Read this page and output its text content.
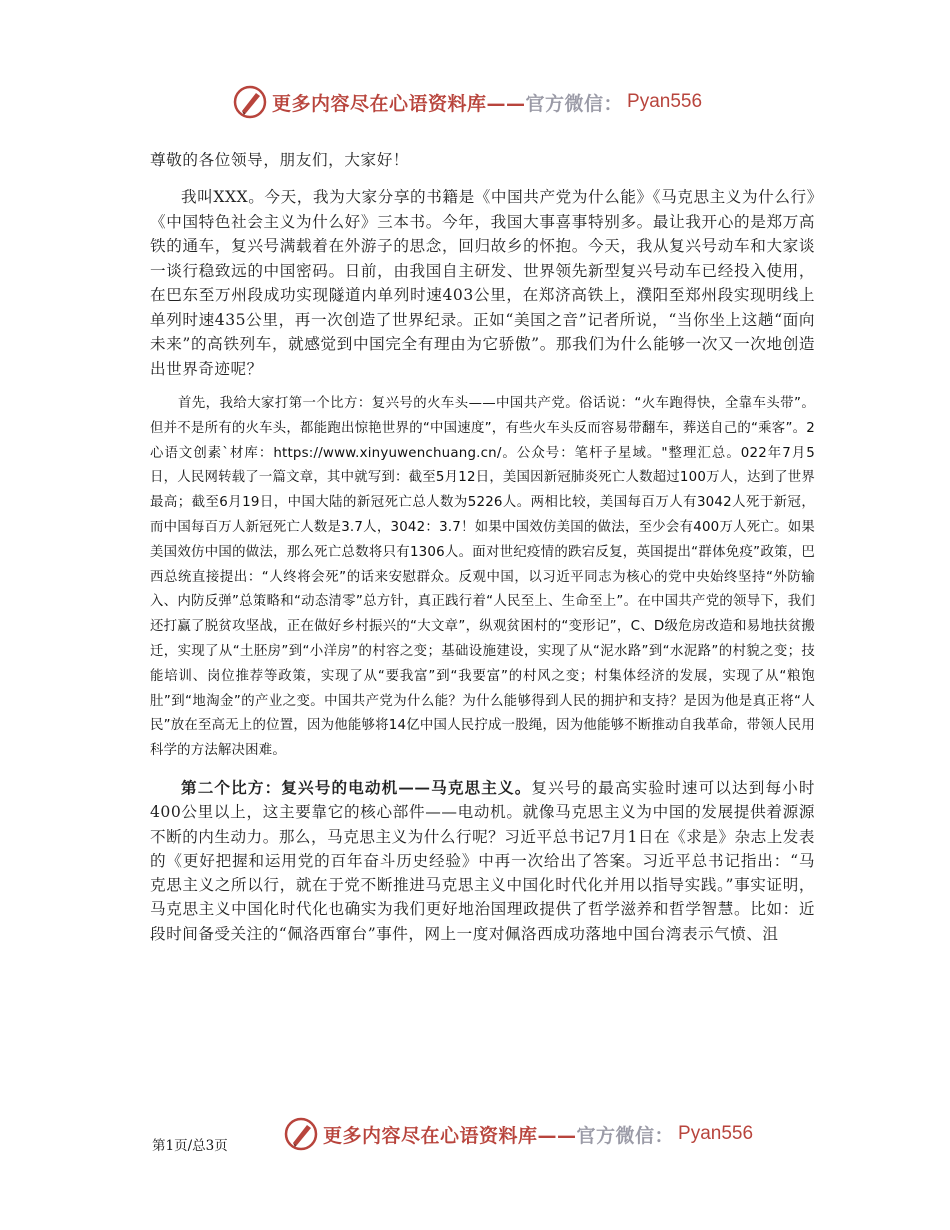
更多内容尽在心语资料库—— 官方微信： Pyan556

尊敬的各位领导，朋友们，大家好！

我叫XXX。今天，我为大家分享的书籍是《中国共产党为什么能》《马克思主义为什么行》《中国特色社会主义为什么好》三本书。今年，我国大事喜事特别多。最让我开心的是郑万高铁的通车，复兴号满载着在外游子的思念，回归故乡的怀抱。今天，我从复兴号动车和大家谈一谈行稳致远的中国密码。日前，由我国自主研发、世界领先新型复兴号动车已经投入使用，在巴东至万州段成功实现隧道内单列时速403公里，在郑济高铁上，濮阳至郑州段实现明线上单列时速435公里，再一次创造了世界纪录。正如“美国之音”记者所说，“当你坐上这趟“面向未来”的高铁列车，就感觉到中国完全有理由为它骄傲”。那我们为什么能够一次又一次地创造出世界奇迹呢？

首先，我给大家打第一个比方：复兴号的火车头——中国共产党。俗话说：“火车跑得快，全靠车头带”。但并不是所有的火车头，都能跑出惊艳世界的“中国速度”，有些火车头反而容易带翻车，葬送自己的“乘客”。2心语文创素`材库：https://www.xinyuwenchuang.cn/。公众号：笔杆子星域。"整理汇总。022年7月5日，人民网转载了一篇文章，其中就写到：截至5月12日，美国因新冠肺炎死亡人数超过100万人，达到了世界最高；截至6月19日，中国大陆的新冠死亡总人数为5226人。两相比较，美国每百万人有3042人死于新冠，而中国每百万人新冠死亡人数是3.7人，3042：3.7！如果中国效仿美国的做法，至少会有400万人死亡。如果美国效仿中国的做法，那么死亡总数将只有1306人。面对世纪疫情的跌宕反复，英国提出“群体免疫”政策，巴西总统直接提出：“人终将会死”的话来安慰群众。反观中国，以习近平同志为核心的党中央始终坚持“外防输入、内防反弹”总策略和“动态清零”总方针，真正践行着“人民至上、生命至上”。在中国共产党的领导下，我们还打赢了脱贫攻坚战，正在做好乡村振兴的“大文章”，纵观贫困村的“变形记”，C、D级危房改造和易地扶贫搬迁，实现了从“土胚房”到“小洋房”的村容之变；基础设施建设，实现了从“泥水路”到“水泥路”的村貌之变；技能培训、岗位推荐等政策，实现了从“要我富”到“我要富”的村风之变；村集体经济的发展，实现了从“粮饱肚”到“地淘金”的产业之变。中国共产党为什么能？为什么能够得到人民的拥护和支持？是因为他是真正将“人民”放在至高无上的位置，因为他能够将14亿中国人民拧成一股绳，因为他能够不断推动自我革命，带领人民用科学的方法解决困难。

第二个比方：复兴号的电动机——马克思主义。复兴号的最高实验时速可以达到每小时400公里以上，这主要靠它的核心部件——电动机。就像马克思主义为中国的发展提供着源源不断的内生动力。那么，马克思主义为什么行呢？习近平总书记7月1日在《求是》杂志上发表的《更好把握和运用党的百年奋斗历史经验》中再一次给出了答案。习近平总书记指出：“马克思主义之所以行，就在于党不断推进马克思主义中国化时代化并用以指导实践。”事实证明，马克思主义中国化时代化也确实为我们更好地治国理政提供了哲学滋养和哲学智慧。比如：近段时间备受关注的“佩洛西窜台”事件，网上一度对佩洛西成功落地中国台湾表示气愤、沮

更多内容尽在心语资料库—— 官方微信： Pyan556
第1页/总3页
